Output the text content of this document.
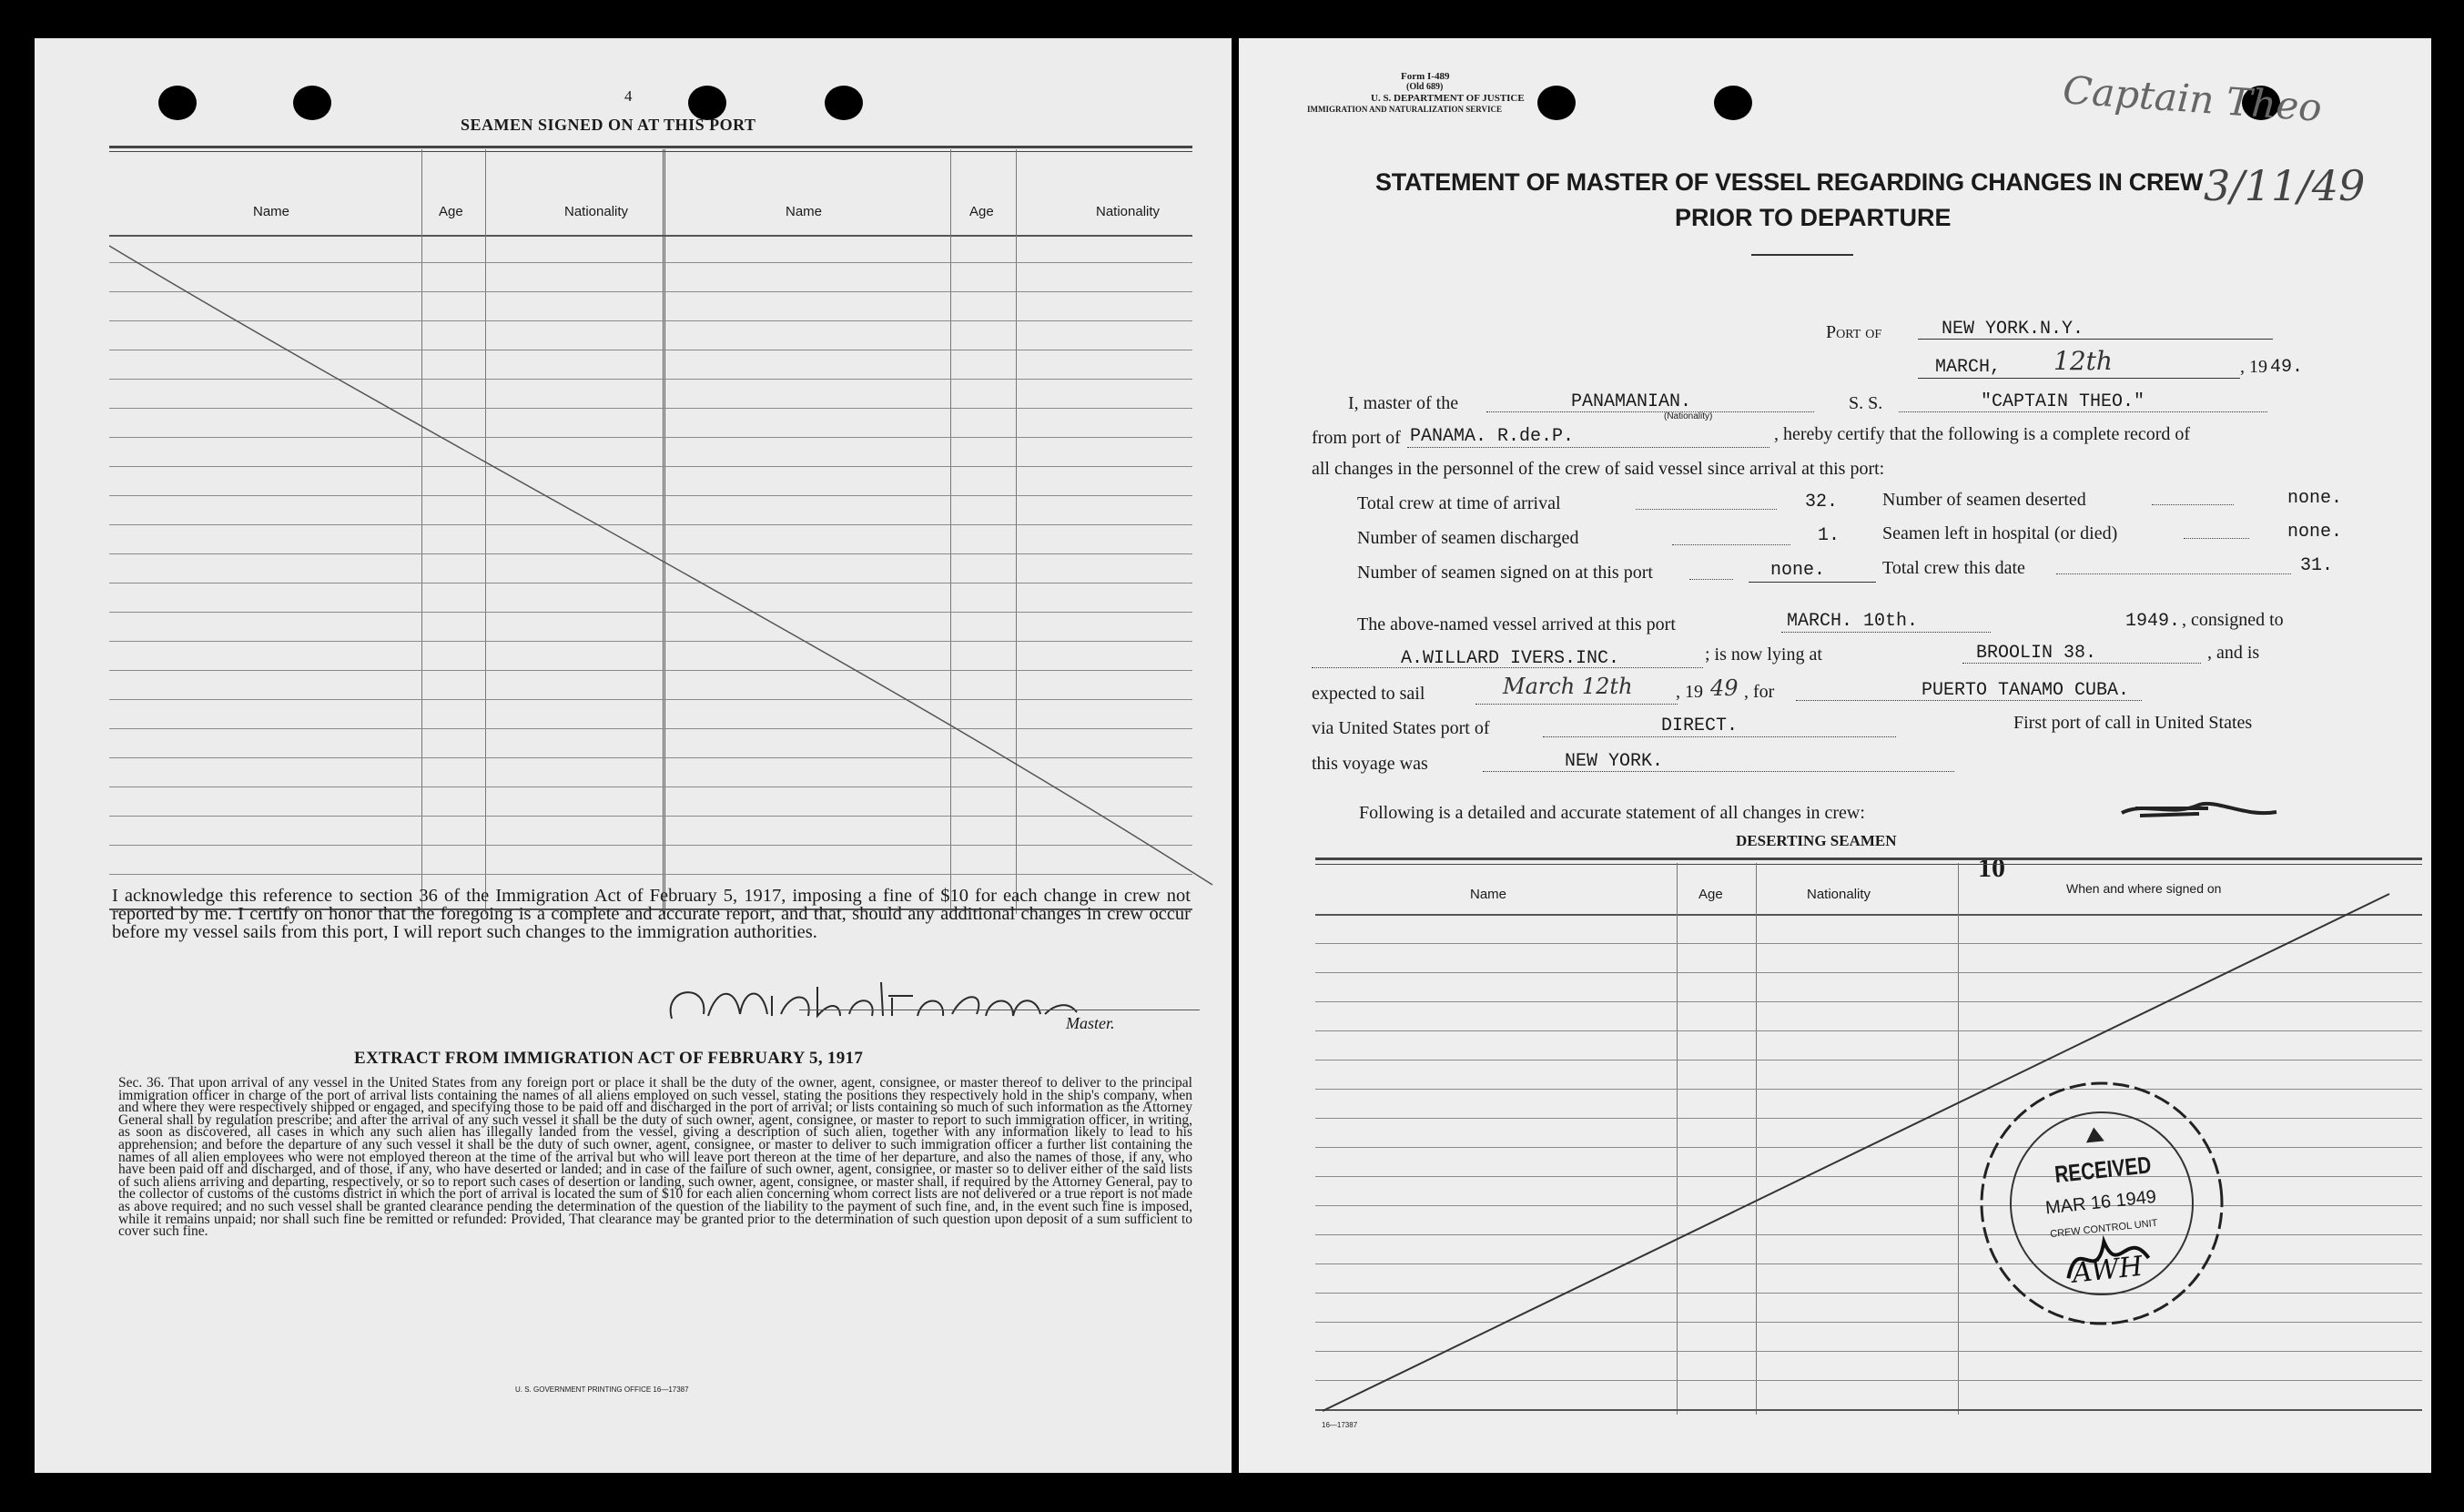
4
SEAMEN SIGNED ON AT THIS PORT
Name	Age	Nationality	Name	Age	Nationality
I acknowledge this reference to section 36 of the Immigration Act of February 5, 1917, imposing a fine of $10 for each change in crew not reported by me. I certify on honor that the foregoing is a complete and accurate report, and that, should any additional changes in crew occur before my vessel sails from this port, I will report such changes to the immigration authorities.
Master.
EXTRACT FROM IMMIGRATION ACT OF FEBRUARY 5, 1917
Sec. 36. That upon arrival of any vessel in the United States from any foreign port or place it shall be the duty of the owner, agent, consignee, or master thereof to deliver to the principal immigration officer in charge of the port of arrival lists containing the names of all aliens employed on such vessel, stating the positions they respectively hold in the ship's company, when and where they were respectively shipped or engaged, and specifying those to be paid off and discharged in the port of arrival; or lists containing so much of such information as the Attorney General shall by regulation prescribe; and after the arrival of any such vessel it shall be the duty of such owner, agent, consignee, or master to report to such immigration officer, in writing, as soon as discovered, all cases in which any such alien has illegally landed from the vessel, giving a description of such alien, together with any information likely to lead to his apprehension; and before the departure of any such vessel it shall be the duty of such owner, agent, consignee, or master to deliver to such immigration officer a further list containing the names of all alien employees who were not employed thereon at the time of the arrival but who will leave port thereon at the time of her departure, and also the names of those, if any, who have been paid off and discharged, and of those, if any, who have deserted or landed; and in case of the failure of such owner, agent, consignee, or master so to deliver either of the said lists of such aliens arriving and departing, respectively, or so to report such cases of desertion or landing, such owner, agent, consignee, or master shall, if required by the Attorney General, pay to the collector of customs of the customs district in which the port of arrival is located the sum of $10 for each alien concerning whom correct lists are not delivered or a true report is not made as above required; and no such vessel shall be granted clearance pending the determination of the question of the liability to the payment of such fine, and, in the event such fine is imposed, while it remains unpaid; nor shall such fine be remitted or refunded: Provided, That clearance may be granted prior to the determination of such question upon deposit of a sum sufficient to cover such fine.
U. S. GOVERNMENT PRINTING OFFICE 16—17387
Form I-489
(Old 689)
U. S. DEPARTMENT OF JUSTICE
IMMIGRATION AND NATURALIZATION SERVICE	Captain Theo
3/11/49
STATEMENT OF MASTER OF VESSEL REGARDING CHANGES IN CREW
PRIOR TO DEPARTURE
Port of	NEW YORK.N.Y.
MARCH, 12th	, 19 49.
I, master of the	PANAMANIAN.
(Nationality)
S. S.	"CAPTAIN THEO."
from port of PANAMA. R.de.P.	, hereby certify that the following is a complete record of
all changes in the personnel of the crew of said vessel since arrival at this port:
Total crew at time of arrival	32. Number of seamen deserted	none.
Number of seamen discharged	1. Seamen left in hospital (or died)	none.
Number of seamen signed on at this port	none.	Total crew this date	31.
The above-named vessel arrived at this port	MARCH. 10th.	1949. , consigned to
A.WILLARD IVERS.INC.	; is now lying at	BROOLIN 38.	, and is
expected to sail	March 12th , 19 49 , for	PUERTO TANAMO CUBA.
via United States port of	DIRECT.	First port of call in United States
this voyage was	NEW YORK.
Following is a detailed and accurate statement of all changes in crew:
DESERTING SEAMEN
10
Name	Age	Nationality	When and where signed on
RECEIVED
MAR 16 1949
CREW CONTROL UNIT
AWH
16—17387
